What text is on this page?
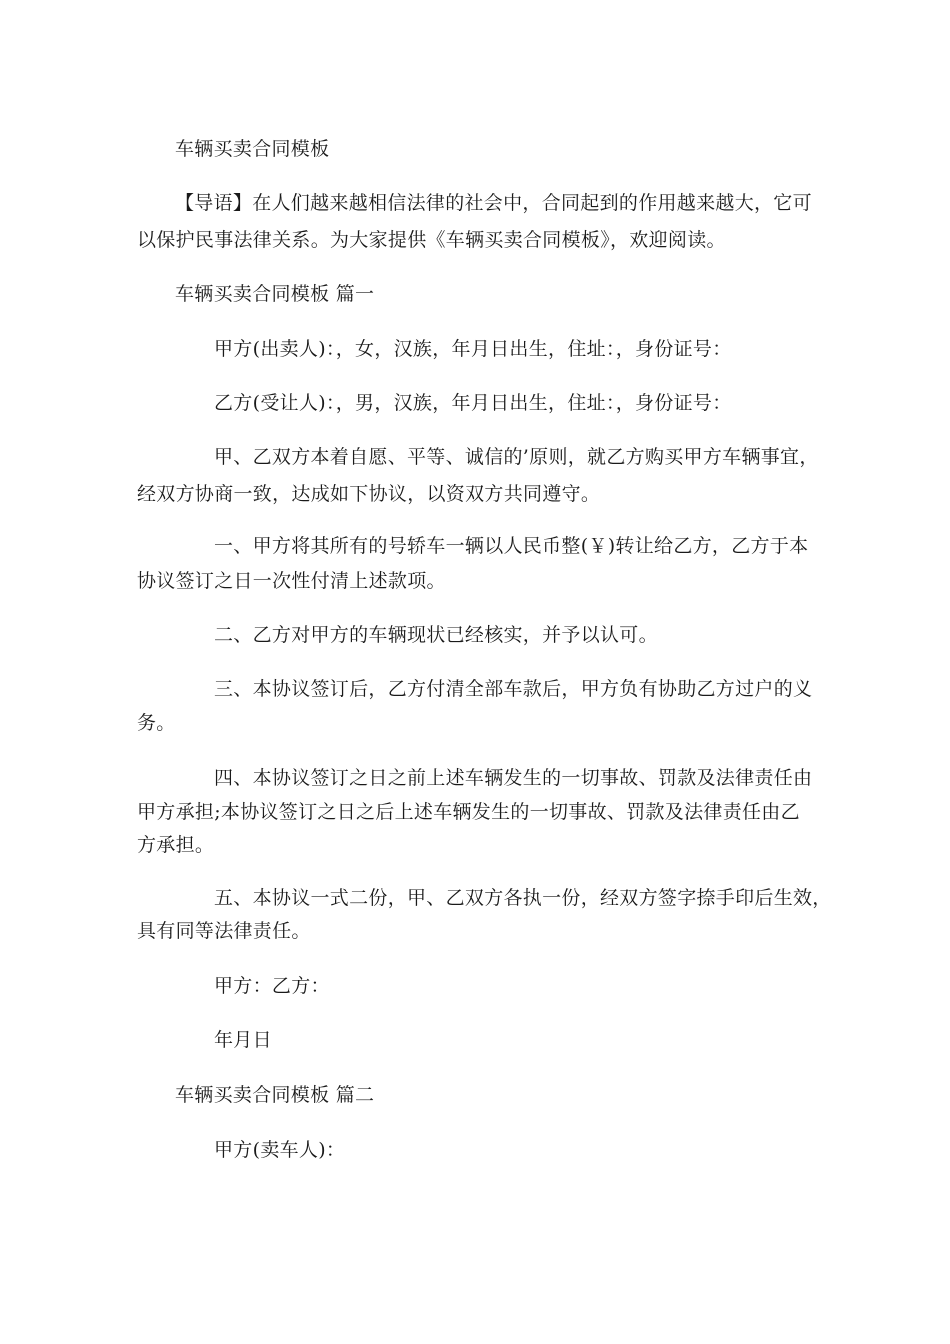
车辆买卖合同模板
【导语】在人们越来越相信法律的社会中，合同起到的作用越来越大，它可
以保护民事法律关系。为大家提供《车辆买卖合同模板》，欢迎阅读。
车辆买卖合同模板 篇一
甲方(出卖人)：，女，汉族，年月日出生，住址：，身份证号：
乙方(受让人)：，男，汉族，年月日出生，住址：，身份证号：
甲、乙双方本着自愿、平等、诚信的’原则，就乙方购买甲方车辆事宜，
经双方协商一致，达成如下协议，以资双方共同遵守。
一、甲方将其所有的号轿车一辆以人民币整(￥)转让给乙方，乙方于本
协议签订之日一次性付清上述款项。
二、乙方对甲方的车辆现状已经核实，并予以认可。
三、本协议签订后，乙方付清全部车款后，甲方负有协助乙方过户的义
务。
四、本协议签订之日之前上述车辆发生的一切事故、罚款及法律责任由
甲方承担;本协议签订之日之后上述车辆发生的一切事故、罚款及法律责任由乙
方承担。
五、本协议一式二份，甲、乙双方各执一份，经双方签字捺手印后生效，
具有同等法律责任。
甲方：乙方：
年月日
车辆买卖合同模板 篇二
甲方(卖车人)：
